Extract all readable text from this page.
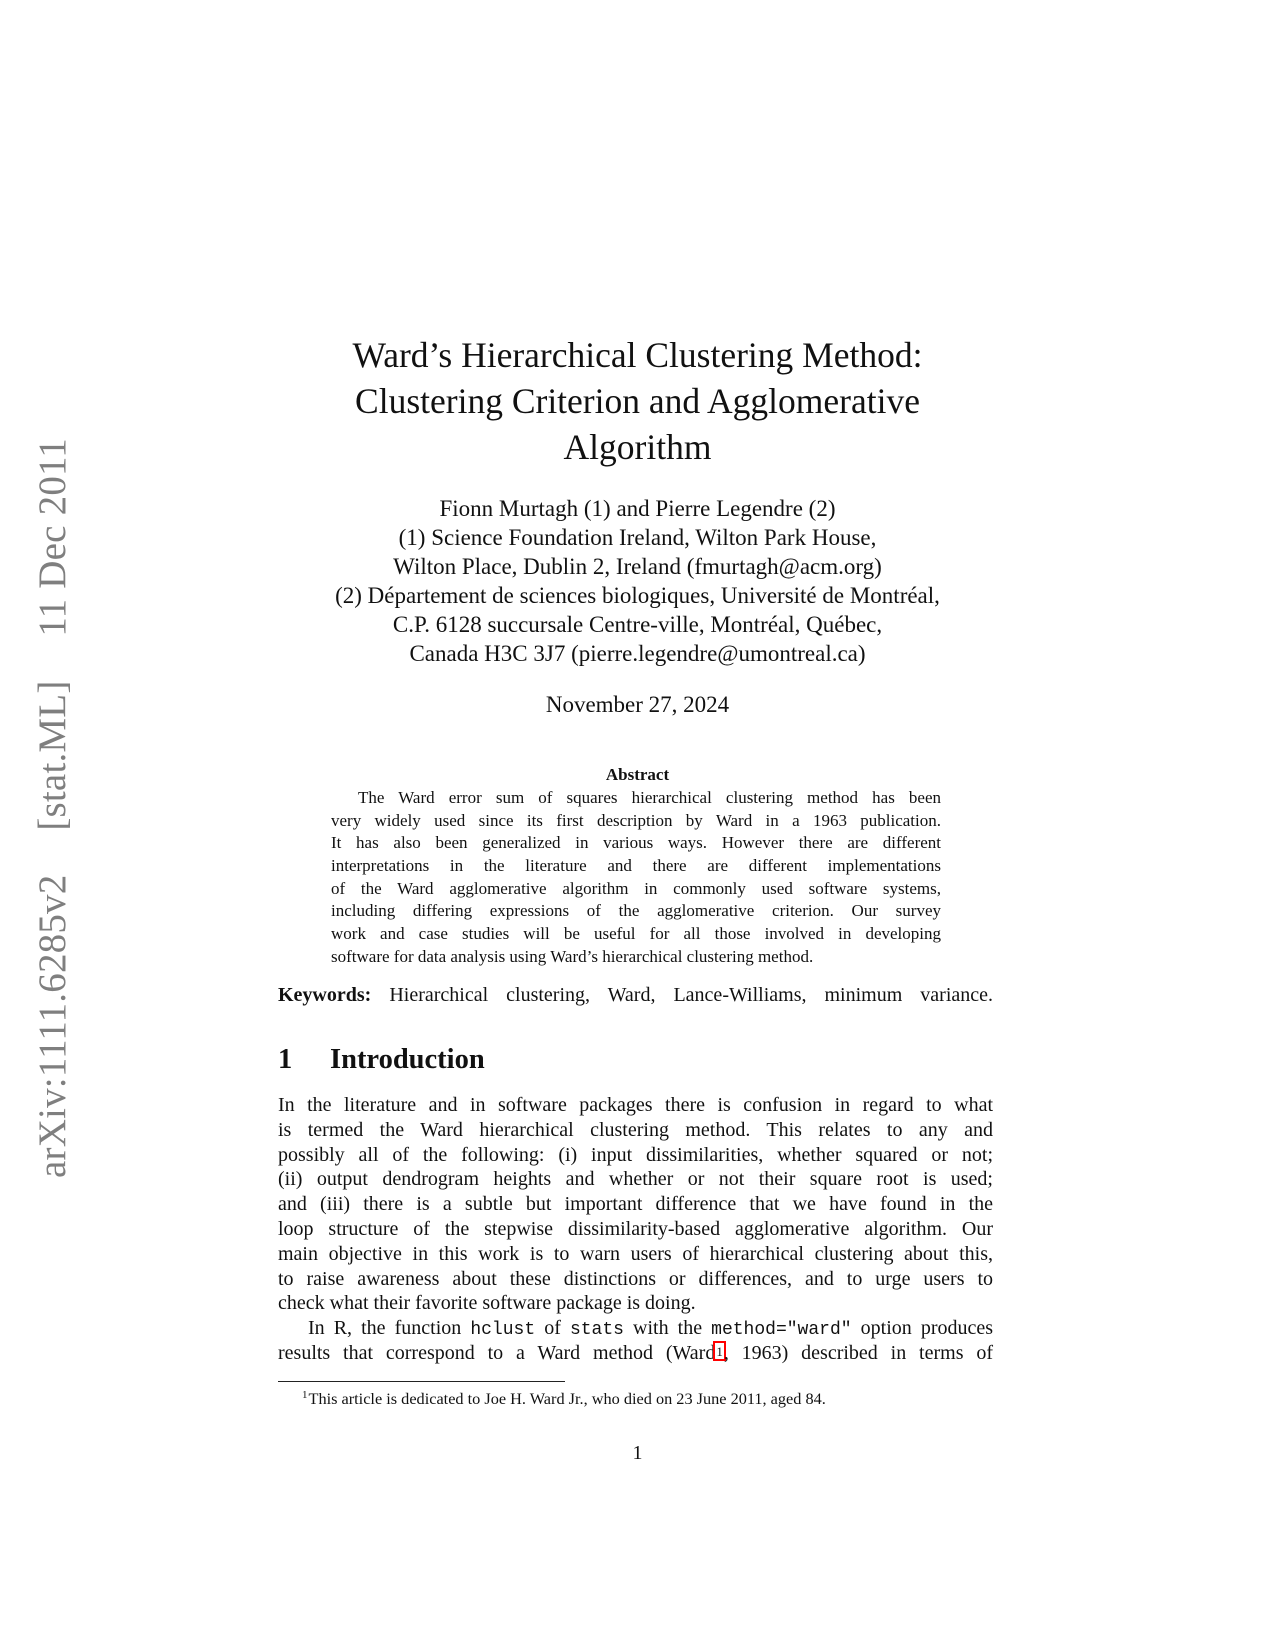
arXiv:1111.6285v2
[stat.ML]
11 Dec 2011
Ward’s Hierarchical Clustering Method:
Clustering Criterion and Agglomerative
Algorithm
Fionn Murtagh (1) and Pierre Legendre (2)
(1) Science Foundation Ireland, Wilton Park House,
Wilton Place, Dublin 2, Ireland (fmurtagh@acm.org)
(2) Département de sciences biologiques, Université de Montréal,
C.P. 6128 succursale Centre-ville, Montréal, Québec,
Canada H3C 3J7 (pierre.legendre@umontreal.ca)
November 27, 2024
Abstract
The Ward error sum of squares hierarchical clustering method has been
very widely used since its first description by Ward in a 1963 publication.
It has also been generalized in various ways. However there are different
interpretations in the literature and there are different implementations
of the Ward agglomerative algorithm in commonly used software systems,
including differing expressions of the agglomerative criterion. Our survey
work and case studies will be useful for all those involved in developing
software for data analysis using Ward’s hierarchical clustering method.
Keywords: Hierarchical clustering, Ward, Lance-Williams, minimum variance.
1 Introduction
In the literature and in software packages there is confusion in regard to what
is termed the Ward hierarchical clustering method. This relates to any and
possibly all of the following: (i) input dissimilarities, whether squared or not;
(ii) output dendrogram heights and whether or not their square root is used;
and (iii) there is a subtle but important difference that we have found in the
loop structure of the stepwise dissimilarity-based agglomerative algorithm. Our
main objective in this work is to warn users of hierarchical clustering about this,
to raise awareness about these distinctions or differences, and to urge users to
check what their favorite software package is doing.
In R, the function hclust of stats with the method="ward" option produces
results that correspond to a Ward method (Ward$^1$, 1963) described in terms of
$^1$This article is dedicated to Joe H. Ward Jr., who died on 23 June 2011, aged 84.
1
